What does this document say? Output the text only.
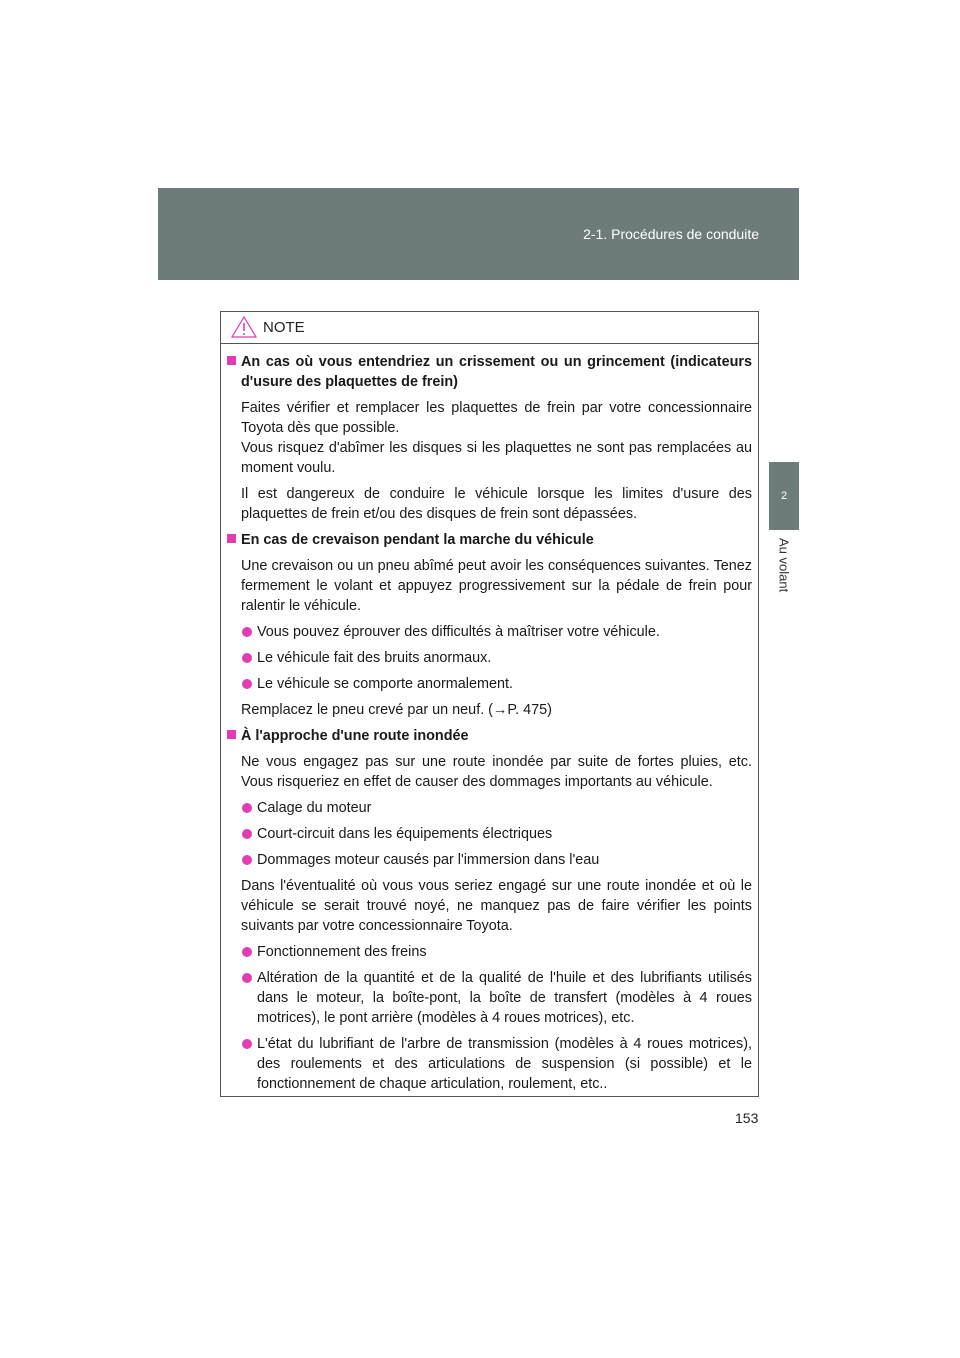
2-1. Procédures de conduite
2
Au volant
NOTE
An cas où vous entendriez un crissement ou un grincement (indicateurs d'usure des plaquettes de frein)
Faites vérifier et remplacer les plaquettes de frein par votre concessionnaire Toyota dès que possible.
Vous risquez d'abîmer les disques si les plaquettes ne sont pas remplacées au moment voulu.
Il est dangereux de conduire le véhicule lorsque les limites d'usure des plaquettes de frein et/ou des disques de frein sont dépassées.
En cas de crevaison pendant la marche du véhicule
Une crevaison ou un pneu abîmé peut avoir les conséquences suivantes. Tenez fermement le volant et appuyez progressivement sur la pédale de frein pour ralentir le véhicule.
Vous pouvez éprouver des difficultés à maîtriser votre véhicule.
Le véhicule fait des bruits anormaux.
Le véhicule se comporte anormalement.
Remplacez le pneu crevé par un neuf. (→P. 475)
À l'approche d'une route inondée
Ne vous engagez pas sur une route inondée par suite de fortes pluies, etc. Vous risqueriez en effet de causer des dommages importants au véhicule.
Calage du moteur
Court-circuit dans les équipements électriques
Dommages moteur causés par l'immersion dans l'eau
Dans l'éventualité où vous vous seriez engagé sur une route inondée et où le véhicule se serait trouvé noyé, ne manquez pas de faire vérifier les points suivants par votre concessionnaire Toyota.
Fonctionnement des freins
Altération de la quantité et de la qualité de l'huile et des lubrifiants utilisés dans le moteur, la boîte-pont, la boîte de transfert (modèles à 4 roues motrices), le pont arrière (modèles à 4 roues motrices), etc.
L'état du lubrifiant de l'arbre de transmission (modèles à 4 roues motrices), des roulements et des articulations de suspension (si possible) et le fonctionnement de chaque articulation, roulement, etc..
153
